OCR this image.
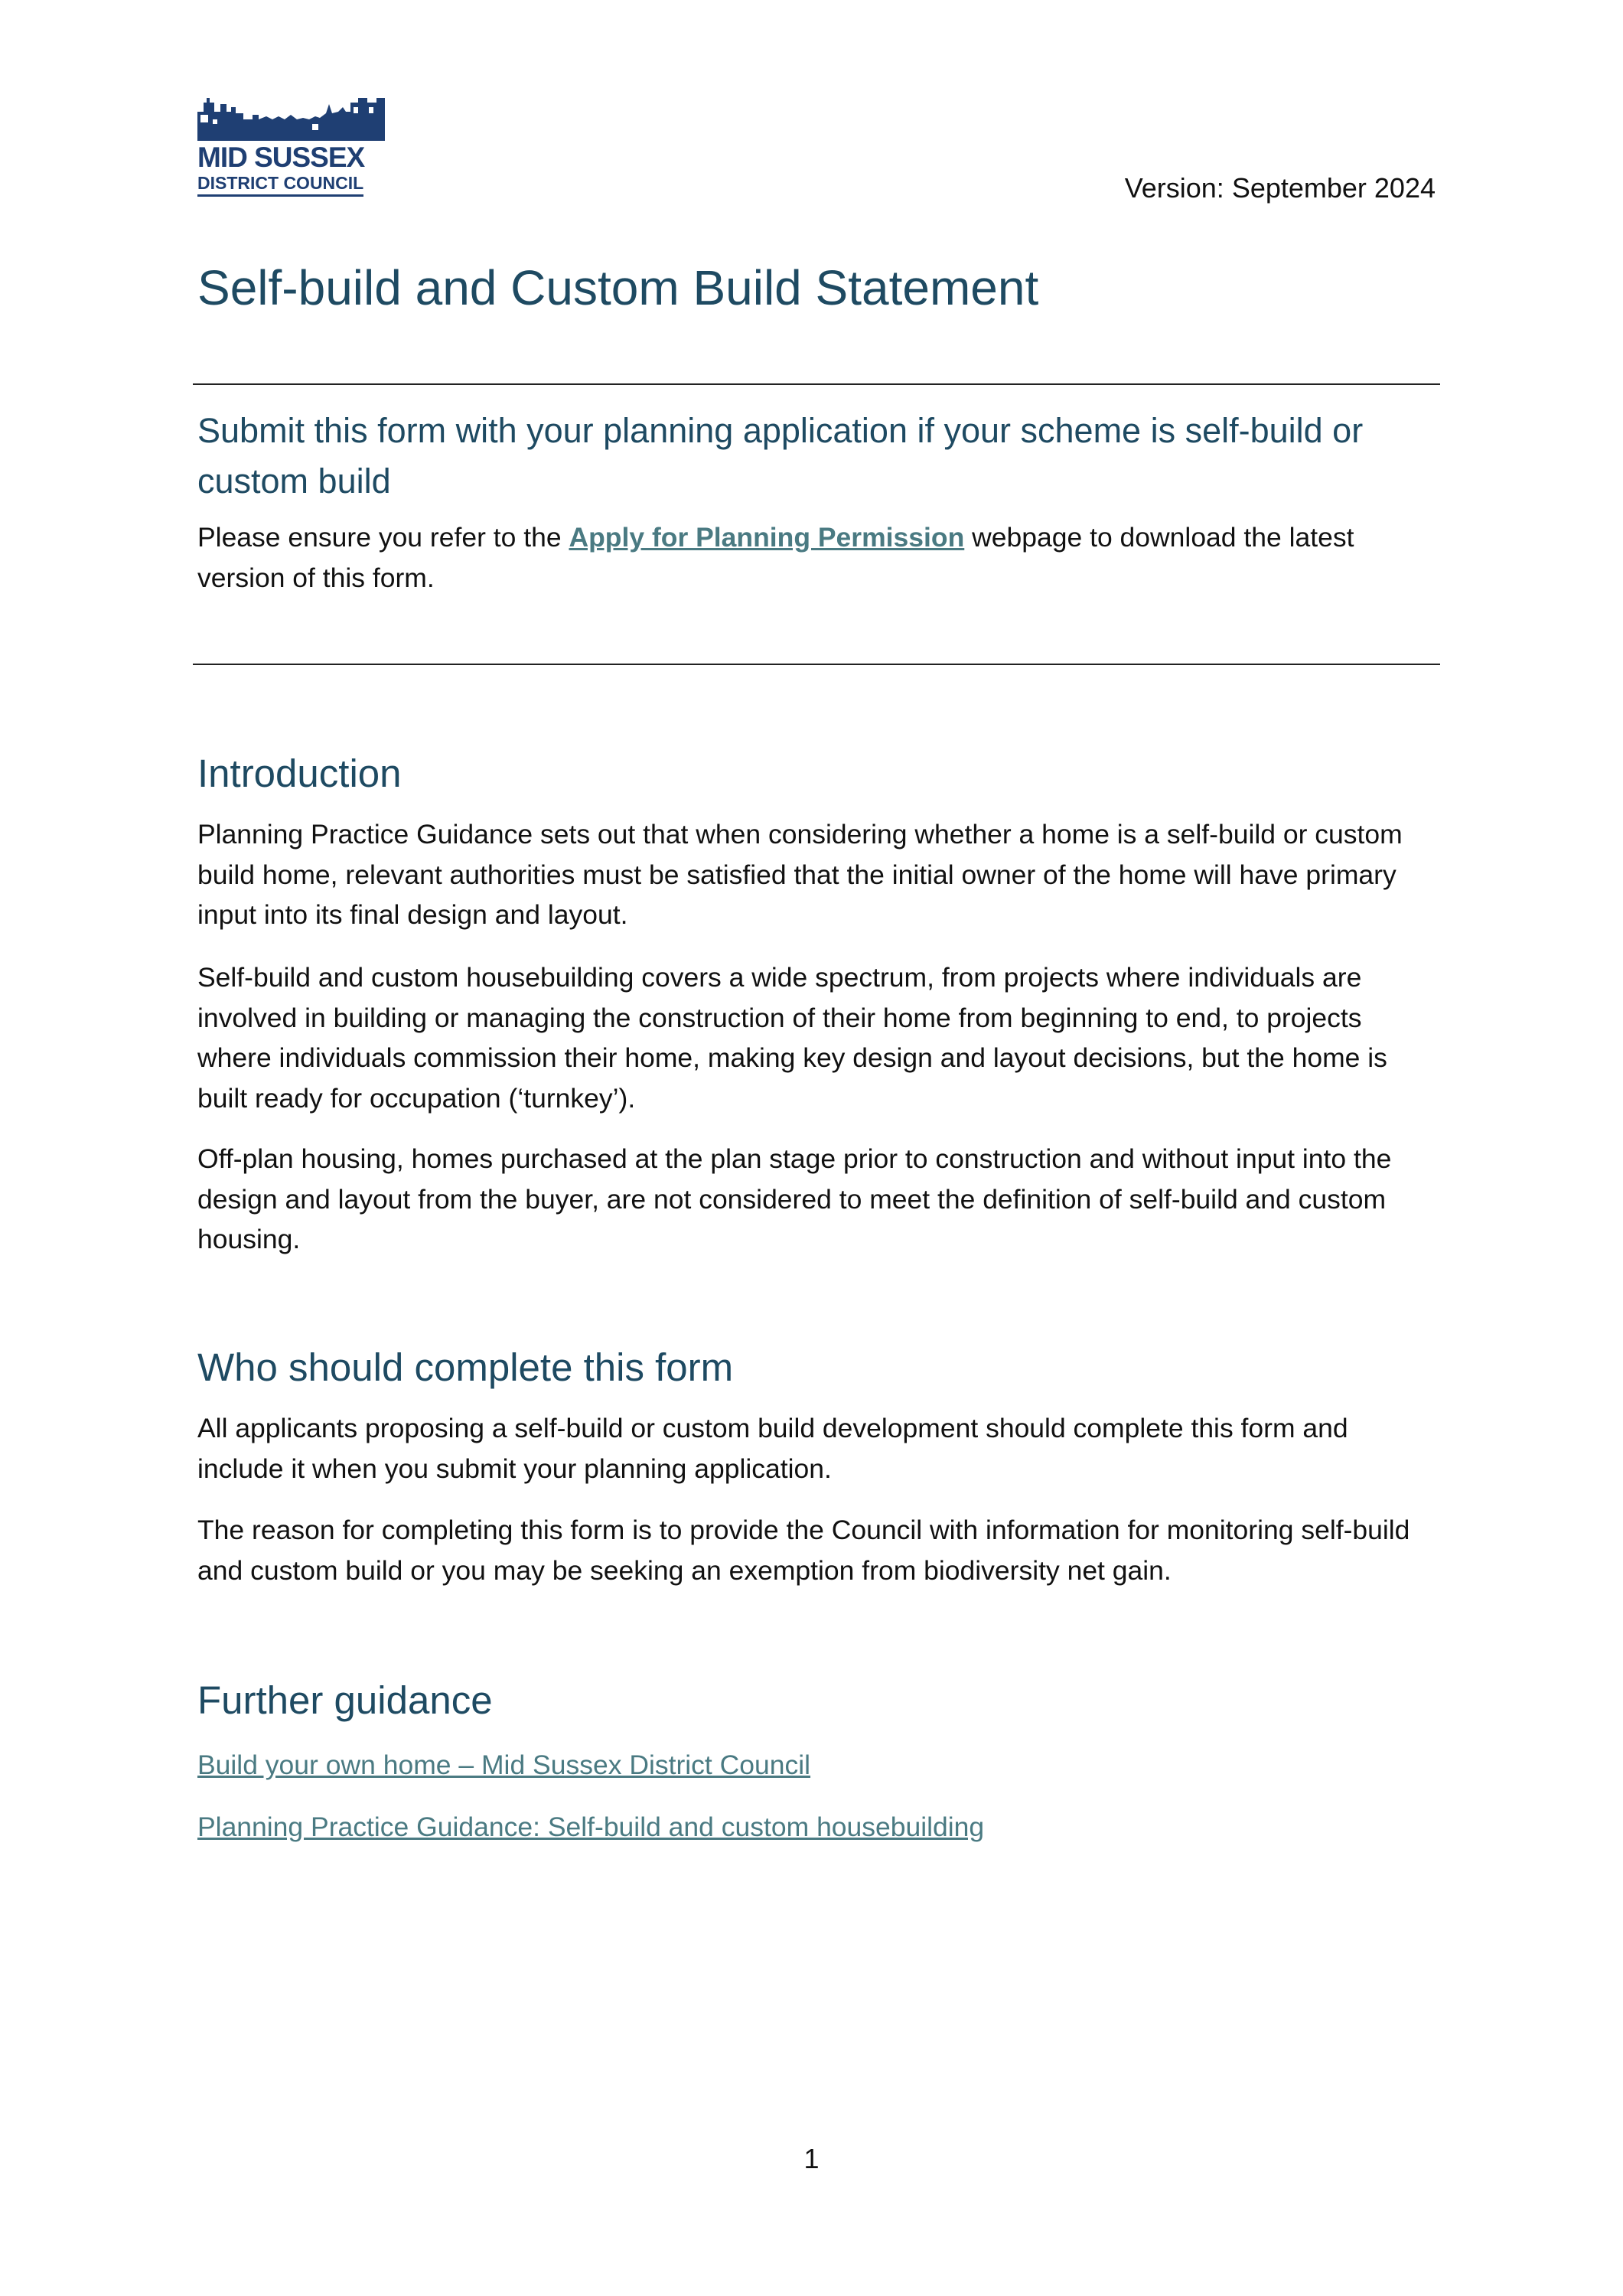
MID SUSSEX
DISTRICT COUNCIL	Version: September 2024
Self-build and Custom Build Statement
Submit this form with your planning application if your scheme is self-build or custom build
Please ensure you refer to the Apply for Planning Permission webpage to download the latest version of this form.
Introduction
Planning Practice Guidance sets out that when considering whether a home is a self-build or custom build home, relevant authorities must be satisfied that the initial owner of the home will have primary input into its final design and layout.
Self-build and custom housebuilding covers a wide spectrum, from projects where individuals are involved in building or managing the construction of their home from beginning to end, to projects where individuals commission their home, making key design and layout decisions, but the home is built ready for occupation (‘turnkey’).
Off-plan housing, homes purchased at the plan stage prior to construction and without input into the design and layout from the buyer, are not considered to meet the definition of self-build and custom housing.
Who should complete this form
All applicants proposing a self-build or custom build development should complete this form and include it when you submit your planning application.
The reason for completing this form is to provide the Council with information for monitoring self-build and custom build or you may be seeking an exemption from biodiversity net gain.
Further guidance
Build your own home – Mid Sussex District Council
Planning Practice Guidance: Self-build and custom housebuilding
1
